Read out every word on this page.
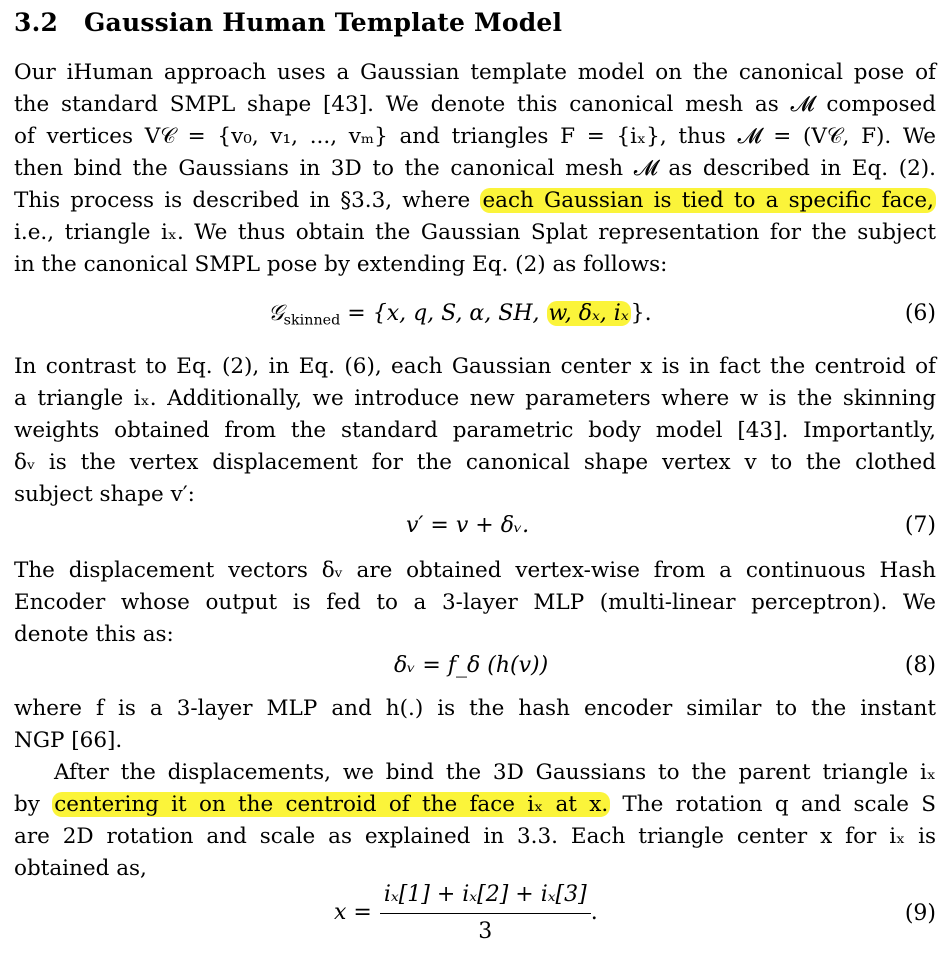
3.2 Gaussian Human Template Model
Our iHuman approach uses a Gaussian template model on the canonical pose of
the standard SMPL shape [43]. We denote this canonical mesh as 𝓜 composed
of vertices V𝒞 = {v₀, v₁, ..., vₘ} and triangles F = {iₓ}, thus 𝓜 = (V𝒞, F). We
then bind the Gaussians in 3D to the canonical mesh 𝓜 as described in Eq. (2).
This process is described in §3.3, where each Gaussian is tied to a specific face,
i.e., triangle iₓ. We thus obtain the Gaussian Splat representation for the subject
in the canonical SMPL pose by extending Eq. (2) as follows:
𝒢$_{skinned}$ = {x, q, S, α, SH, w, δₓ, iₓ}.	(6)
In contrast to Eq. (2), in Eq. (6), each Gaussian center x is in fact the centroid of
a triangle iₓ. Additionally, we introduce new parameters where w is the skinning
weights obtained from the standard parametric body model [43]. Importantly,
δᵥ is the vertex displacement for the canonical shape vertex v to the clothed
subject shape v′:
v′ = v + δᵥ.	(7)
The displacement vectors δᵥ are obtained vertex-wise from a continuous Hash
Encoder whose output is fed to a 3-layer MLP (multi-linear perceptron). We
denote this as:
δᵥ = f_δ (h(v))	(8)
where f is a 3-layer MLP and h(.) is the hash encoder similar to the instant
NGP [66].
After the displacements, we bind the 3D Gaussians to the parent triangle iₓ
by centering it on the centroid of the face iₓ at x. The rotation q and scale S
are 2D rotation and scale as explained in 3.3. Each triangle center x for iₓ is
obtained as,
$x = \frac{\text{iₓ[1] + iₓ[2] + iₓ[3]}}{3}$ .	(9)
